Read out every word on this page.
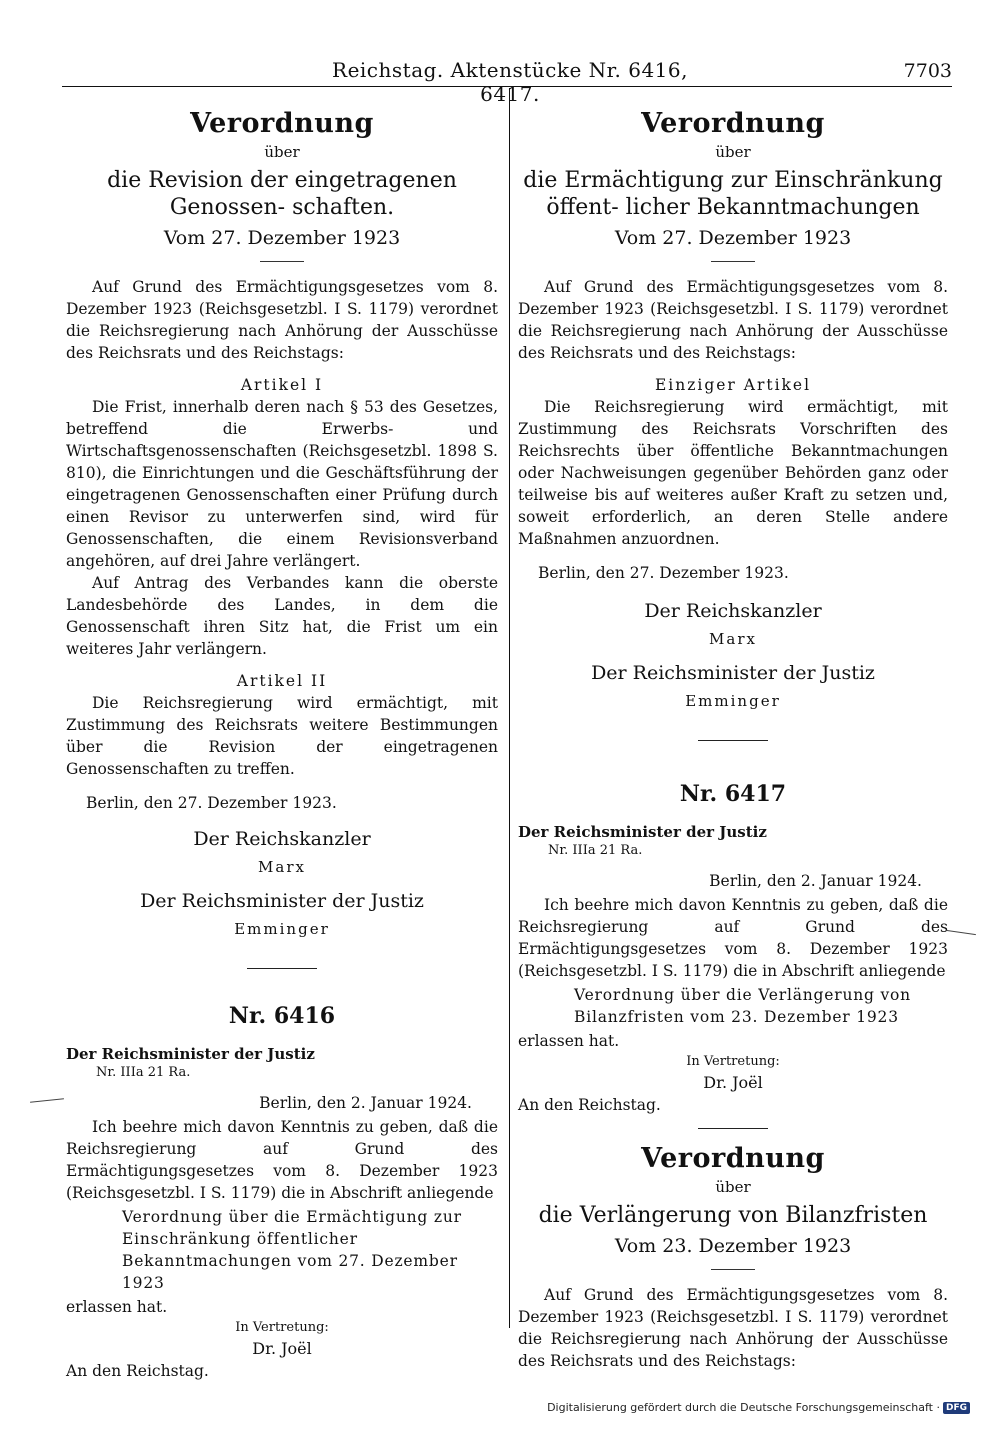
Reichstag. Aktenstücke Nr. 6416, 6417.
7703
Verordnung
über
die Revision der eingetragenen Genossen- schaften.
Vom 27. Dezember 1923

Auf Grund des Ermächtigungsgesetzes vom 8. Dezember 1923 (Reichsgesetzbl. I S. 1179) verordnet die Reichsregierung nach Anhörung der Ausschüsse des Reichsrats und des Reichstags:

Artikel I

Die Frist, innerhalb deren nach § 53 des Gesetzes, betreffend die Erwerbs- und Wirtschaftsgenossenschaften (Reichsgesetzbl. 1898 S. 810), die Einrichtungen und die Geschäftsführung der eingetragenen Genossenschaften einer Prüfung durch einen Revisor zu unterwerfen sind, wird für Genossenschaften, die einem Revisionsverband angehören, auf drei Jahre verlängert.

Auf Antrag des Verbandes kann die oberste Landesbehörde des Landes, in dem die Genossenschaft ihren Sitz hat, die Frist um ein weiteres Jahr verlängern.

Artikel II

Die Reichsregierung wird ermächtigt, mit Zustimmung des Reichsrats weitere Bestimmungen über die Revision der eingetragenen Genossenschaften zu treffen.

Berlin, den 27. Dezember 1923.
Der Reichskanzler
Marx
Der Reichsminister der Justiz
Emminger
Nr. 6416
Der Reichsminister der Justiz
Nr. IIIa 21 Ra.
Berlin, den 2. Januar 1924.

Ich beehre mich davon Kenntnis zu geben, daß die Reichsregierung auf Grund des Ermächtigungsgesetzes vom 8. Dezember 1923 (Reichsgesetzbl. I S. 1179) die in Abschrift anliegende

Verordnung über die Ermächtigung zur Einschränkung öffentlicher Bekanntmachungen vom 27. Dezember 1923
erlassen hat.
In Vertretung:
Dr. Joël
An den Reichstag.
Verordnung
über
die Ermächtigung zur Einschränkung öffent- licher Bekanntmachungen
Vom 27. Dezember 1923

Auf Grund des Ermächtigungsgesetzes vom 8. Dezember 1923 (Reichsgesetzbl. I S. 1179) verordnet die Reichsregierung nach Anhörung der Ausschüsse des Reichsrats und des Reichstags:

Einziger Artikel

Die Reichsregierung wird ermächtigt, mit Zustimmung des Reichsrats Vorschriften des Reichsrechts über öffentliche Bekanntmachungen oder Nachweisungen gegenüber Behörden ganz oder teilweise bis auf weiteres außer Kraft zu setzen und, soweit erforderlich, an deren Stelle andere Maßnahmen anzuordnen.

Berlin, den 27. Dezember 1923.
Der Reichskanzler
Marx
Der Reichsminister der Justiz
Emminger
Nr. 6417
Der Reichsminister der Justiz
Nr. IIIa 21 Ra.
Berlin, den 2. Januar 1924.

Ich beehre mich davon Kenntnis zu geben, daß die Reichsregierung auf Grund des Ermächtigungsgesetzes vom 8. Dezember 1923 (Reichsgesetzbl. I S. 1179) die in Abschrift anliegende

Verordnung über die Verlängerung von Bilanzfristen vom 23. Dezember 1923
erlassen hat.
In Vertretung:
Dr. Joël
An den Reichstag.
Verordnung
über
die Verlängerung von Bilanzfristen
Vom 23. Dezember 1923

Auf Grund des Ermächtigungsgesetzes vom 8. Dezember 1923 (Reichsgesetzbl. I S. 1179) verordnet die Reichsregierung nach Anhörung der Ausschüsse des Reichsrats und des Reichstags:

Digitalisierung gefördert durch die Deutsche Forschungsgemeinschaft · DFG
